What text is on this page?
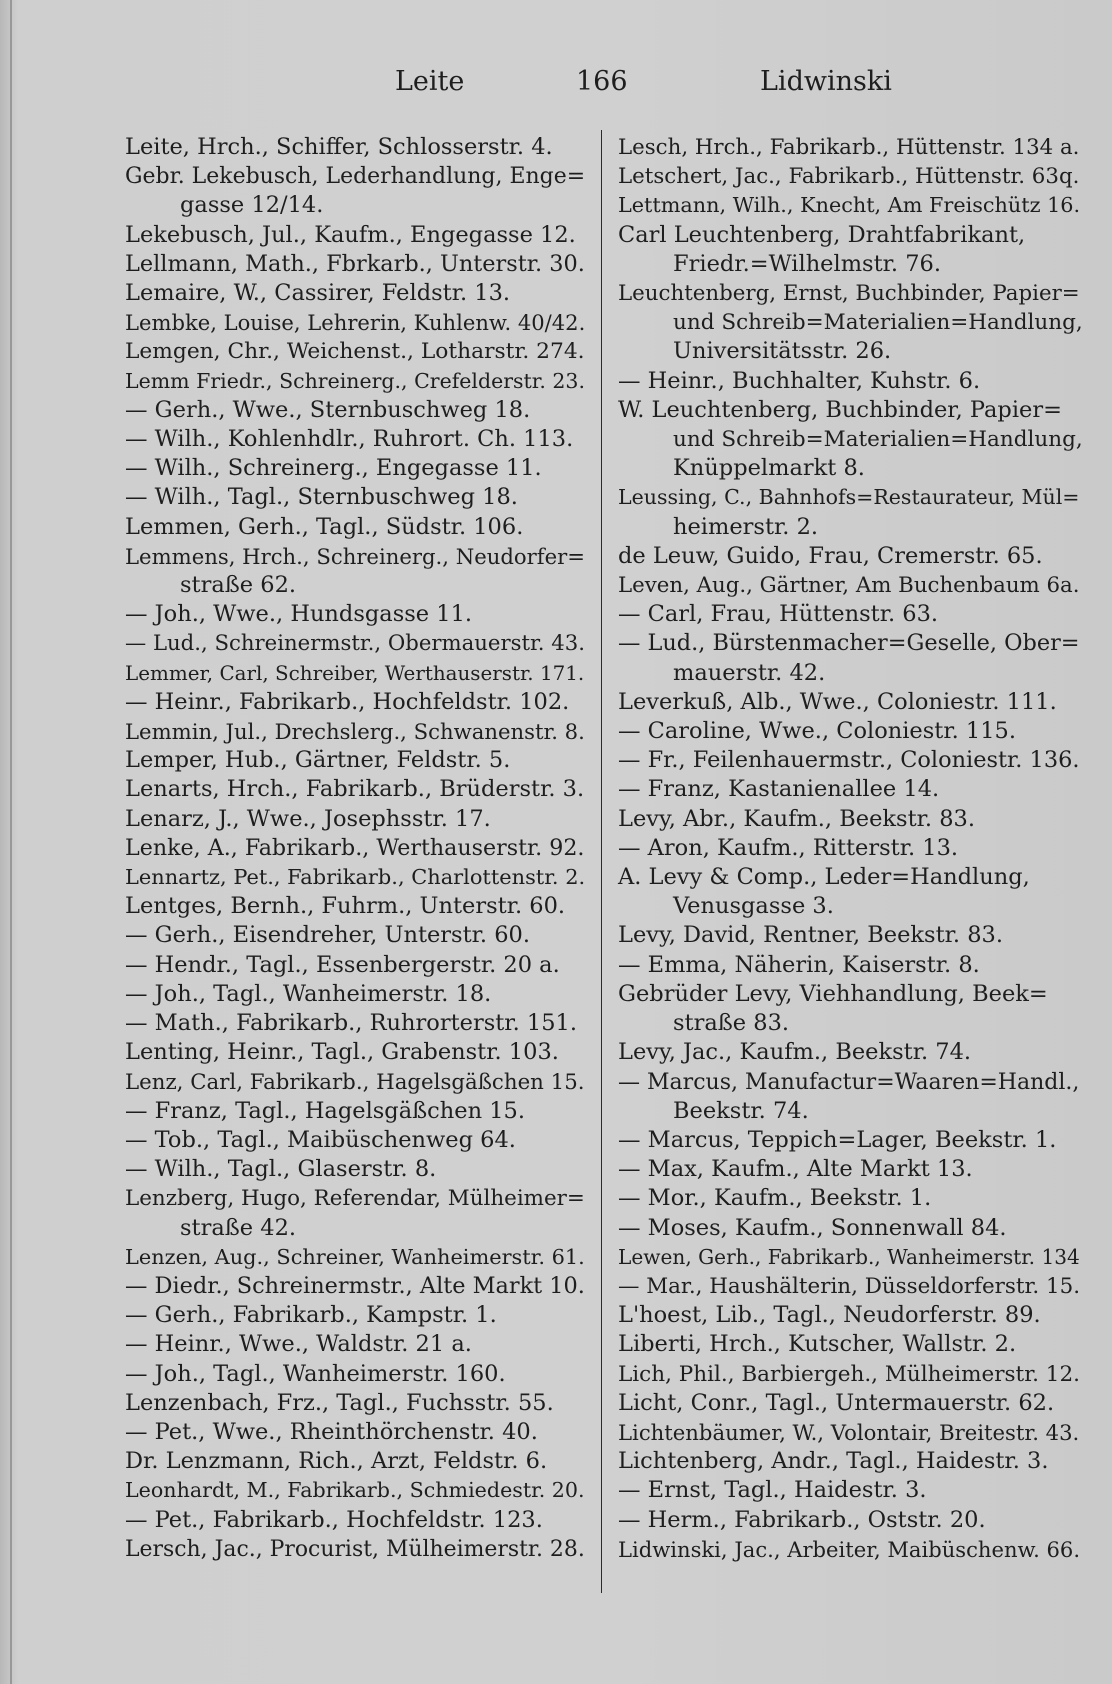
Leite	166	Lidwinski
Leite, Hrch., Schiffer, Schlosserstr. 4.
Gebr. Lekebusch, Lederhandlung, Enge=
gasse 12/14.
Lekebusch, Jul., Kaufm., Engegasse 12.
Lellmann, Math., Fbrkarb., Unterstr. 30.
Lemaire, W., Cassirer, Feldstr. 13.
Lembke, Louise, Lehrerin, Kuhlenw. 40/42.
Lemgen, Chr., Weichenst., Lotharstr. 274.
Lemm Friedr., Schreinerg., Crefelderstr. 23.
— Gerh., Wwe., Sternbuschweg 18.
— Wilh., Kohlenhdlr., Ruhrort. Ch. 113.
— Wilh., Schreinerg., Engegasse 11.
— Wilh., Tagl., Sternbuschweg 18.
Lemmen, Gerh., Tagl., Südstr. 106.
Lemmens, Hrch., Schreinerg., Neudorfer=
straße 62.
— Joh., Wwe., Hundsgasse 11.
— Lud., Schreinermstr., Obermauerstr. 43.
Lemmer, Carl, Schreiber, Werthauserstr. 171.
— Heinr., Fabrikarb., Hochfeldstr. 102.
Lemmin, Jul., Drechslerg., Schwanenstr. 8.
Lemper, Hub., Gärtner, Feldstr. 5.
Lenarts, Hrch., Fabrikarb., Brüderstr. 3.
Lenarz, J., Wwe., Josephsstr. 17.
Lenke, A., Fabrikarb., Werthauserstr. 92.
Lennartz, Pet., Fabrikarb., Charlottenstr. 2.
Lentges, Bernh., Fuhrm., Unterstr. 60.
— Gerh., Eisendreher, Unterstr. 60.
— Hendr., Tagl., Essenbergerstr. 20 a.
— Joh., Tagl., Wanheimerstr. 18.
— Math., Fabrikarb., Ruhrorterstr. 151.
Lenting, Heinr., Tagl., Grabenstr. 103.
Lenz, Carl, Fabrikarb., Hagelsgäßchen 15.
— Franz, Tagl., Hagelsgäßchen 15.
— Tob., Tagl., Maibüschenweg 64.
— Wilh., Tagl., Glaserstr. 8.
Lenzberg, Hugo, Referendar, Mülheimer=
straße 42.
Lenzen, Aug., Schreiner, Wanheimerstr. 61.
— Diedr., Schreinermstr., Alte Markt 10.
— Gerh., Fabrikarb., Kampstr. 1.
— Heinr., Wwe., Waldstr. 21 a.
— Joh., Tagl., Wanheimerstr. 160.
Lenzenbach, Frz., Tagl., Fuchsstr. 55.
— Pet., Wwe., Rheinthörchenstr. 40.
Dr. Lenzmann, Rich., Arzt, Feldstr. 6.
Leonhardt, M., Fabrikarb., Schmiedestr. 20.
— Pet., Fabrikarb., Hochfeldstr. 123.
Lersch, Jac., Procurist, Mülheimerstr. 28.
Lesch, Hrch., Fabrikarb., Hüttenstr. 134 a.
Letschert, Jac., Fabrikarb., Hüttenstr. 63q.
Lettmann, Wilh., Knecht, Am Freischütz 16.
Carl Leuchtenberg, Drahtfabrikant,
Friedr.=Wilhelmstr. 76.
Leuchtenberg, Ernst, Buchbinder, Papier=
und Schreib=Materialien=Handlung,
Universitätsstr. 26.
— Heinr., Buchhalter, Kuhstr. 6.
W. Leuchtenberg, Buchbinder, Papier=
und Schreib=Materialien=Handlung,
Knüppelmarkt 8.
Leussing, C., Bahnhofs=Restaurateur, Mül=
heimerstr. 2.
de Leuw, Guido, Frau, Cremerstr. 65.
Leven, Aug., Gärtner, Am Buchenbaum 6a.
— Carl, Frau, Hüttenstr. 63.
— Lud., Bürstenmacher=Geselle, Ober=
mauerstr. 42.
Leverkuß, Alb., Wwe., Coloniestr. 111.
— Caroline, Wwe., Coloniestr. 115.
— Fr., Feilenhauermstr., Coloniestr. 136.
— Franz, Kastanienallee 14.
Levy, Abr., Kaufm., Beekstr. 83.
— Aron, Kaufm., Ritterstr. 13.
A. Levy & Comp., Leder=Handlung,
Venusgasse 3.
Levy, David, Rentner, Beekstr. 83.
— Emma, Näherin, Kaiserstr. 8.
Gebrüder Levy, Viehhandlung, Beek=
straße 83.
Levy, Jac., Kaufm., Beekstr. 74.
— Marcus, Manufactur=Waaren=Handl.,
Beekstr. 74.
— Marcus, Teppich=Lager, Beekstr. 1.
— Max, Kaufm., Alte Markt 13.
— Mor., Kaufm., Beekstr. 1.
— Moses, Kaufm., Sonnenwall 84.
Lewen, Gerh., Fabrikarb., Wanheimerstr. 134
— Mar., Haushälterin, Düsseldorferstr. 15.
L'hoest, Lib., Tagl., Neudorferstr. 89.
Liberti, Hrch., Kutscher, Wallstr. 2.
Lich, Phil., Barbiergeh., Mülheimerstr. 12.
Licht, Conr., Tagl., Untermauerstr. 62.
Lichtenbäumer, W., Volontair, Breitestr. 43.
Lichtenberg, Andr., Tagl., Haidestr. 3.
— Ernst, Tagl., Haidestr. 3.
— Herm., Fabrikarb., Oststr. 20.
Lidwinski, Jac., Arbeiter, Maibüschenw. 66.
